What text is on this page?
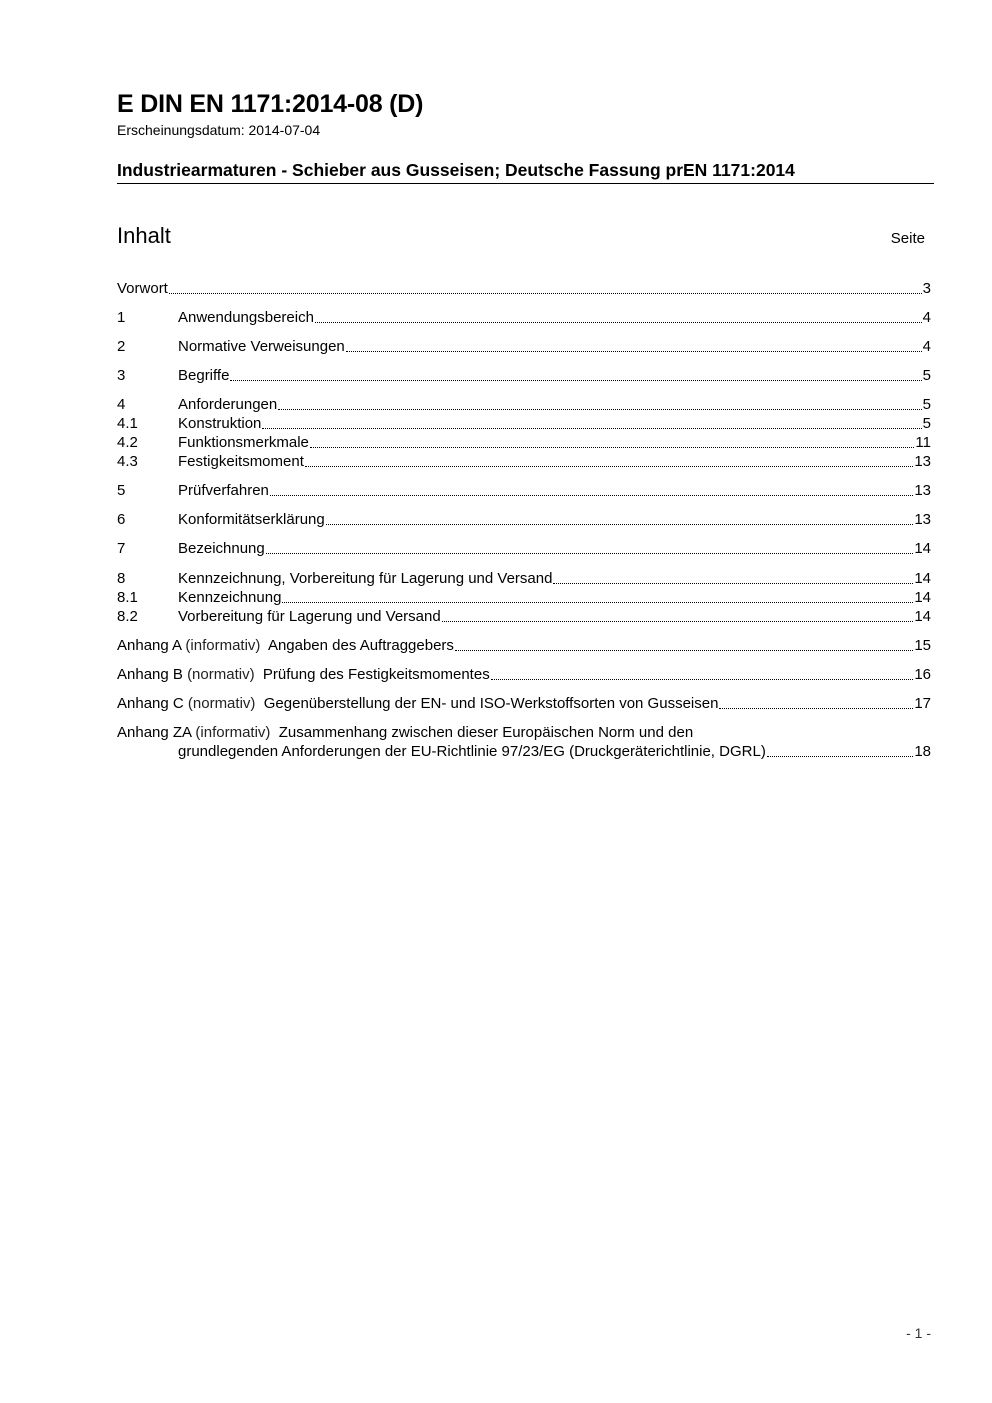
E DIN EN 1171:2014-08 (D)
Erscheinungsdatum: 2014-07-04
Industriearmaturen - Schieber aus Gusseisen; Deutsche Fassung prEN 1171:2014
Inhalt	Seite
Vorwort	3
1	Anwendungsbereich	4
2	Normative Verweisungen	4
3	Begriffe	5
4	Anforderungen	5
4.1	Konstruktion	5
4.2	Funktionsmerkmale	11
4.3	Festigkeitsmoment	13
5	Prüfverfahren	13
6	Konformitätserklärung	13
7	Bezeichnung	14
8	Kennzeichnung, Vorbereitung für Lagerung und Versand	14
8.1	Kennzeichnung	14
8.2	Vorbereitung für Lagerung und Versand	14
Anhang A (informativ) Angaben des Auftraggebers	15
Anhang B (normativ) Prüfung des Festigkeitsmomentes	16
Anhang C (normativ) Gegenüberstellung der EN- und ISO-Werkstoffsorten von Gusseisen	17
Anhang ZA (informativ) Zusammenhang zwischen dieser Europäischen Norm und den
grundlegenden Anforderungen der EU-Richtlinie 97/23/EG (Druckgeräterichtlinie, DGRL)	18
- 1 -
